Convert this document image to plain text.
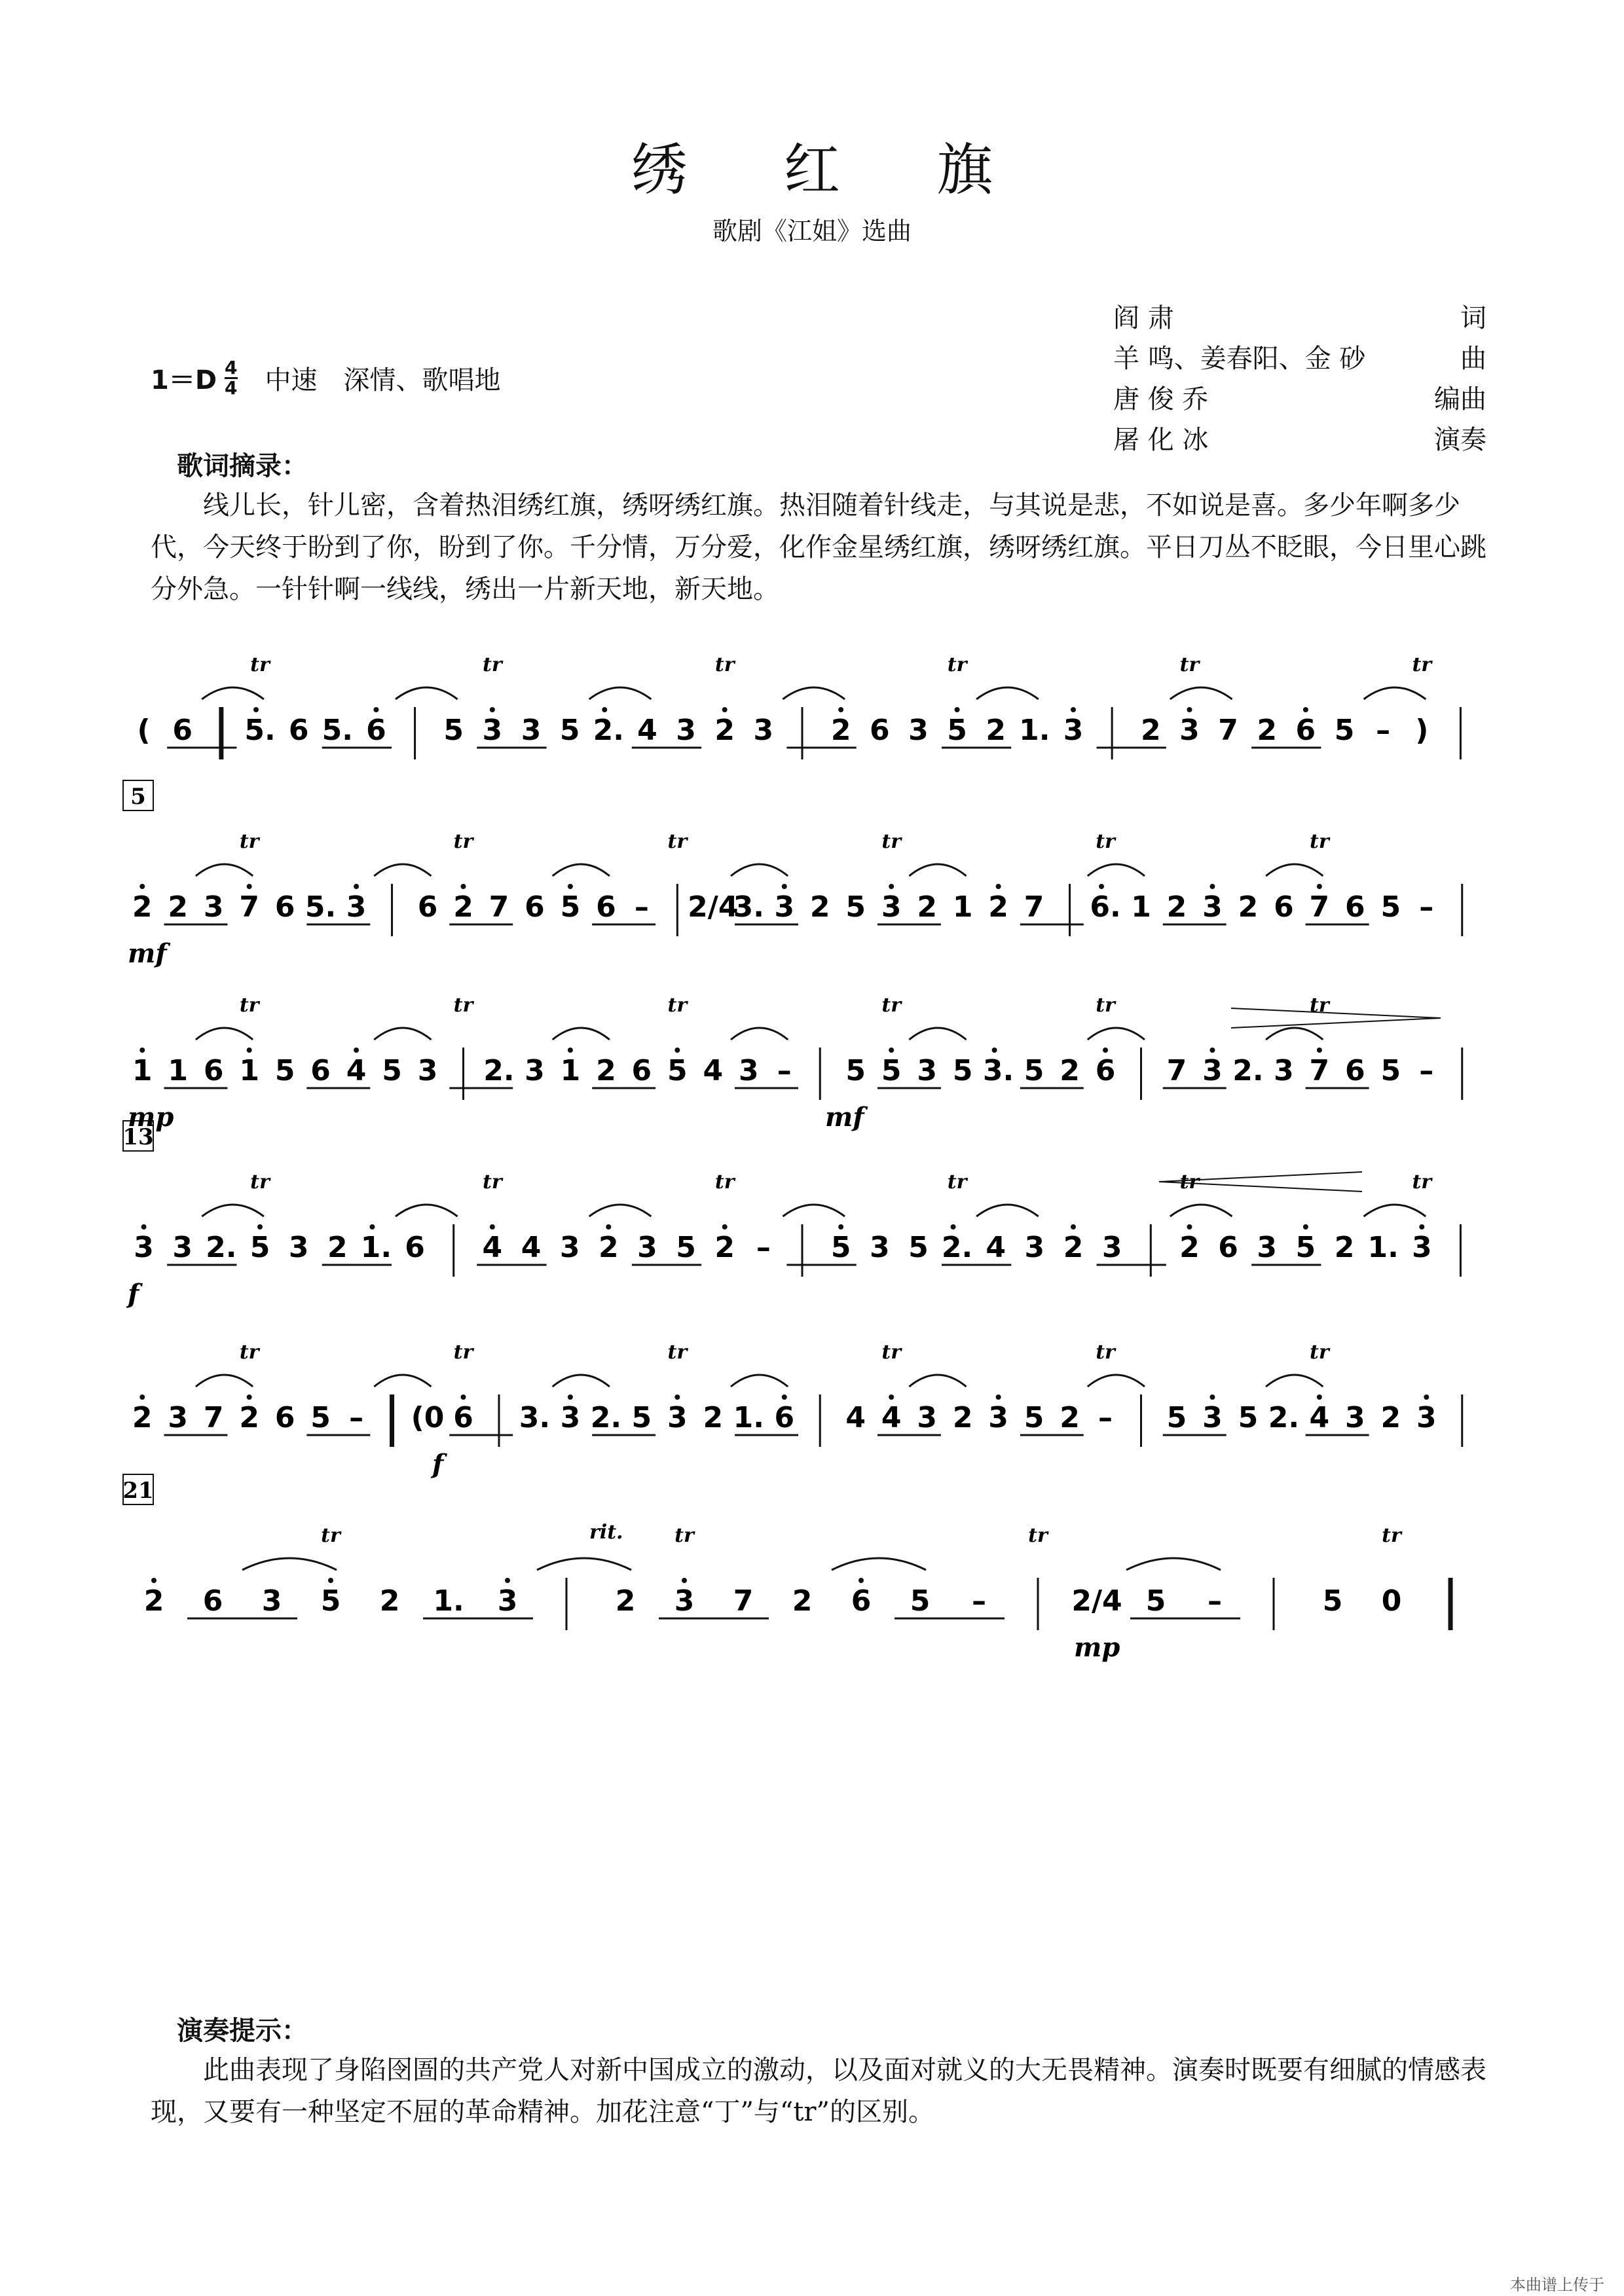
绣 红 旗
歌剧《江姐》选曲
阎 肃	词
羊 鸣、姜春阳、金 砂	曲
唐 俊 乔	编曲
屠 化 冰	演奏
$1=D \frac{4}{4}$ 中速　深情、歌唱地
歌词摘录：
线儿长，针儿密，含着热泪绣红旗，绣呀绣红旗。热泪随着针线走，与其说是悲，不如说是喜。多少年啊多少代，今天终于盼到了你，盼到了你。千分情，万分爱，化作金星绣红旗，绣呀绣红旗。平日刀丛不眨眼，今日里心跳分外急。一针针啊一线线，绣出一片新天地，新天地。
( 6 5. 6 5. 6 5 3 3 5 2. 4 3 2 3 2 6 3 5 2 1. 3 2 3 7 2 6 5 – )
tr	tr	tr	tr	tr	tr
2 2 3 7 6 5. 3 6 2 7 6 5 6 – 2/4
3. 3 2 5 3 2 1 2 7 6. 1 2 3 2 6 7 6 5 –
tr	tr	tr	tr	tr	tr
1 1 6 1 5 6 4 5 3 2. 3 1 2 6 5 4 3 – 5 5 3 5 3. 5 2 6 7 3 2. 3 7 6 5 –
tr	tr	tr	tr	tr	tr
3 3 2. 5 3 2 1. 6 4 4 3 2 3 5 2 – 5 3 5 2. 4 3 2 3 2 6 3 5 2 1. 3
tr	tr	tr	tr	tr	tr
2 3 7 2 6 5 – (0 6 3. 3 2. 5 3 2 1. 6 4 4 3 2 3 5 2 – 5 3 5 2. 4 3 2 3
tr	tr	tr	tr	tr	tr
2 6 3 5 2 1. 3	2 3 7 2 6 5 –	2/4 5 –	5 0
tr	tr	tr	tr
5
13
21
mf
mp	mf
f
f
mp
rit.
演奏提示：
此曲表现了身陷囹圄的共产党人对新中国成立的激动，以及面对就义的大无畏精神。演奏时既要有细腻的情感表现，又要有一种坚定不屈的革命精神。加花注意“丁”与“tr”的区别。
本曲谱上传于
